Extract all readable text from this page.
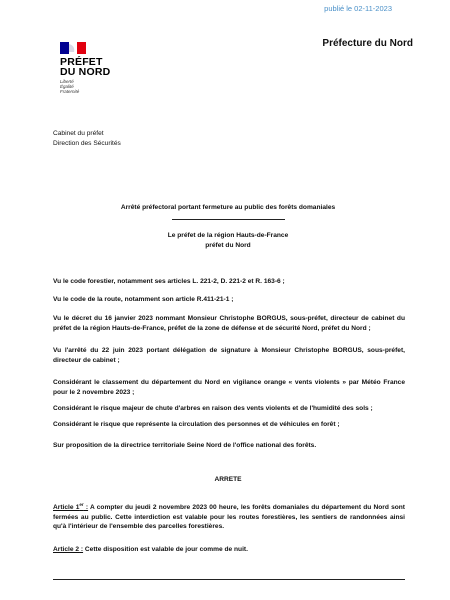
publié le 02-11-2023
PRÉFET
DU NORD
Liberté
Égalité
Fraternité
Préfecture du Nord
Cabinet du préfet
Direction des Sécurités
Arrêté préfectoral portant fermeture au public des forêts domaniales
Le préfet de la région Hauts-de-France
préfet du Nord
Vu le code forestier, notamment ses articles L. 221-2, D. 221-2 et R. 163-6 ;
Vu le code de la route, notamment son article R.411-21-1 ;
Vu le décret du 16 janvier 2023 nommant Monsieur Christophe BORGUS, sous-préfet, directeur de cabinet du préfet de la région Hauts-de-France, préfet de la zone de défense et de sécurité Nord, préfet du Nord ;
Vu l'arrêté du 22 juin 2023 portant délégation de signature à Monsieur Christophe BORGUS, sous-préfet, directeur de cabinet ;
Considérant le classement du département du Nord en vigilance orange « vents violents » par Météo France pour le 2 novembre 2023 ;
Considérant le risque majeur de chute d'arbres en raison des vents violents et de l'humidité des sols ;
Considérant le risque que représente la circulation des personnes et de véhicules en forêt ;
Sur proposition de la directrice territoriale Seine Nord de l'office national des forêts.
ARRETE
Article 1er : A compter du jeudi 2 novembre 2023 00 heure, les forêts domaniales du département du Nord sont fermées au public. Cette interdiction est valable pour les routes forestières, les sentiers de randonnées ainsi qu'à l'intérieur de l'ensemble des parcelles forestières.
Article 2 : Cette disposition est valable de jour comme de nuit.
